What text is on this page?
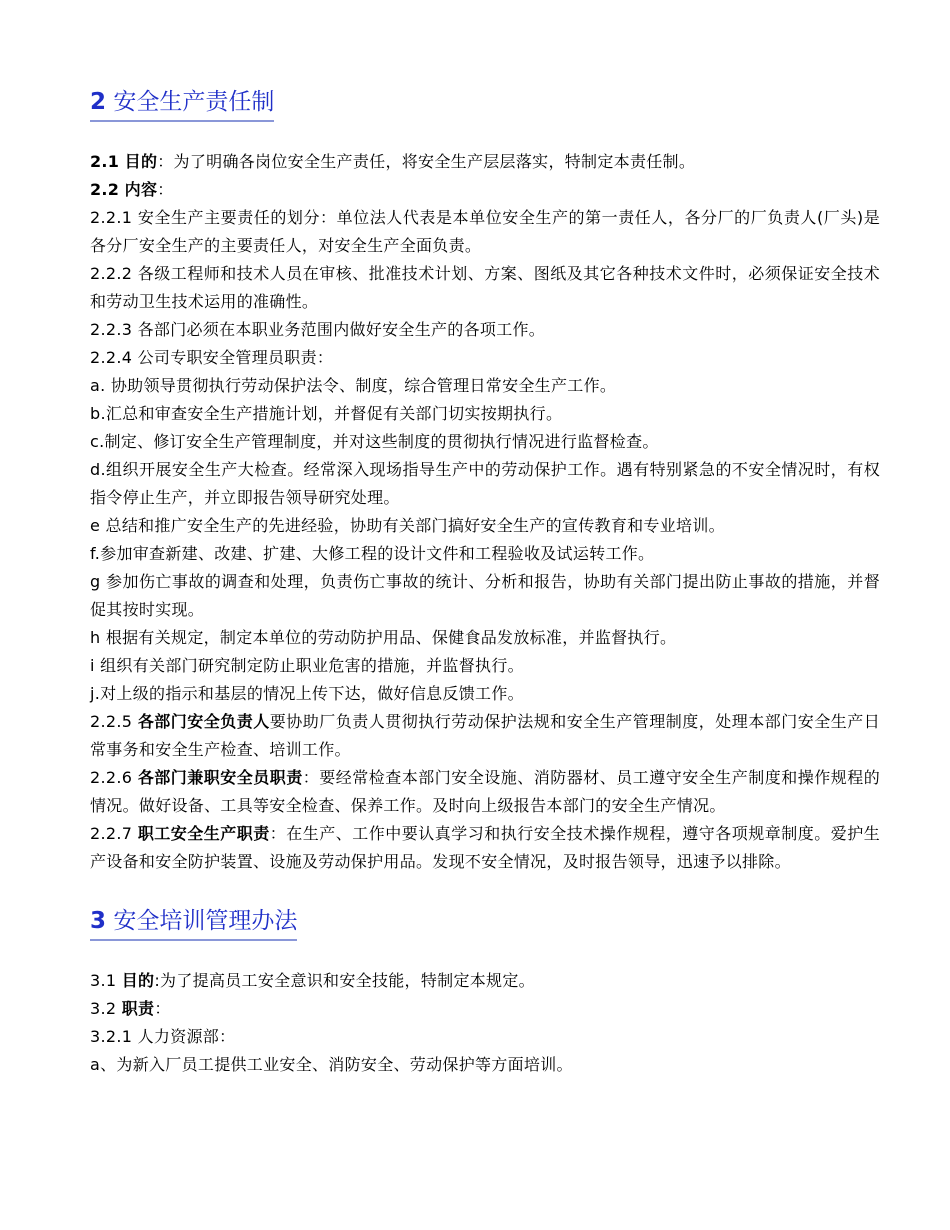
2 安全生产责任制

2.1 目的：为了明确各岗位安全生产责任，将安全生产层层落实，特制定本责任制。

2.2 内容：

2.2.1 安全生产主要责任的划分：单位法人代表是本单位安全生产的第一责任人，各分厂的厂负责人(厂头)是各分厂安全生产的主要责任人，对安全生产全面负责。

2.2.2 各级工程师和技术人员在审核、批准技术计划、方案、图纸及其它各种技术文件时，必须保证安全技术和劳动卫生技术运用的准确性。

2.2.3 各部门必须在本职业务范围内做好安全生产的各项工作。

2.2.4 公司专职安全管理员职责：

a. 协助领导贯彻执行劳动保护法令、制度，综合管理日常安全生产工作。

b.汇总和审查安全生产措施计划，并督促有关部门切实按期执行。

c.制定、修订安全生产管理制度，并对这些制度的贯彻执行情况进行监督检查。

d.组织开展安全生产大检查。经常深入现场指导生产中的劳动保护工作。遇有特别紧急的不安全情况时，有权指令停止生产，并立即报告领导研究处理。

e 总结和推广安全生产的先进经验，协助有关部门搞好安全生产的宣传教育和专业培训。

f.参加审查新建、改建、扩建、大修工程的设计文件和工程验收及试运转工作。

g 参加伤亡事故的调查和处理，负责伤亡事故的统计、分析和报告，协助有关部门提出防止事故的措施，并督促其按时实现。

h 根据有关规定，制定本单位的劳动防护用品、保健食品发放标准，并监督执行。

i 组织有关部门研究制定防止职业危害的措施，并监督执行。

j.对上级的指示和基层的情况上传下达，做好信息反馈工作。

2.2.5 各部门安全负责人要协助厂负责人贯彻执行劳动保护法规和安全生产管理制度，处理本部门安全生产日常事务和安全生产检查、培训工作。

2.2.6 各部门兼职安全员职责：要经常检查本部门安全设施、消防器材、员工遵守安全生产制度和操作规程的情况。做好设备、工具等安全检查、保养工作。及时向上级报告本部门的安全生产情况。

2.2.7 职工安全生产职责：在生产、工作中要认真学习和执行安全技术操作规程，遵守各项规章制度。爱护生产设备和安全防护装置、设施及劳动保护用品。发现不安全情况，及时报告领导，迅速予以排除。

3 安全培训管理办法

3.1 目的:为了提高员工安全意识和安全技能，特制定本规定。

3.2 职责：

3.2.1 人力资源部：

a、为新入厂员工提供工业安全、消防安全、劳动保护等方面培训。
